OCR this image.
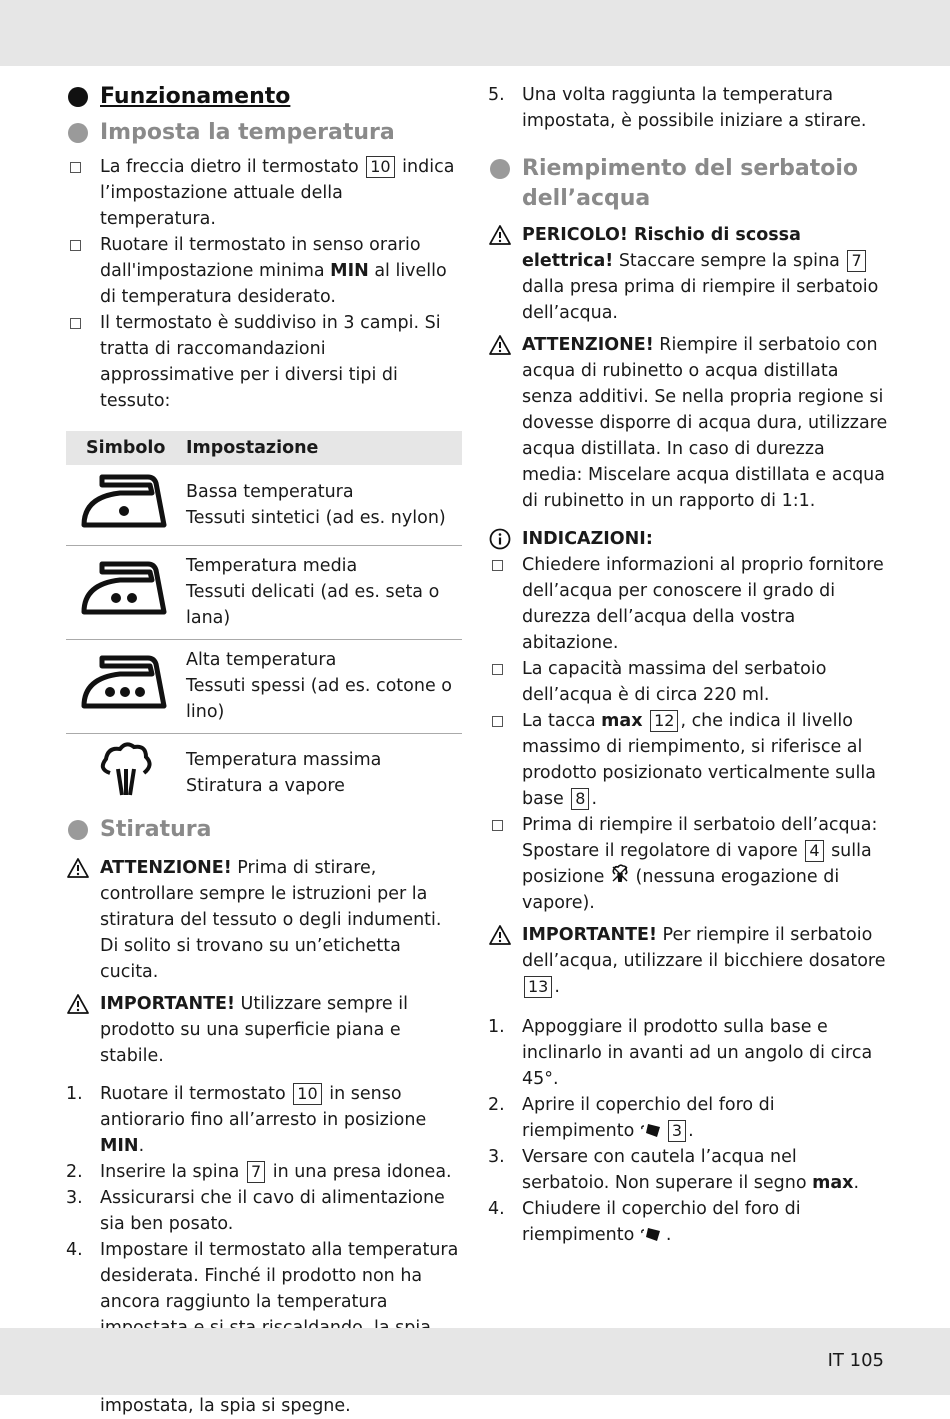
Funzionamento
Imposta la temperatura
La freccia dietro il termostato 10 indica l’impostazione attuale della temperatura.
Ruotare il termostato in senso orario dall'impostazione minima MIN al livello di temperatura desiderato.
Il termostato è suddiviso in 3 campi. Si tratta di raccomandazioni approssimative per i diversi tipi di tessuto:
Simbolo	Impostazione

Bassa temperatura
Tessuti sintetici (ad es. nylon)

Temperatura media
Tessuti delicati (ad es. seta o lana)

Alta temperatura
Tessuti spessi (ad es. cotone o lino)

Temperatura massima
Stiratura a vapore
Stiratura
ATTENZIONE! Prima di stirare, controllare sempre le istruzioni per la stiratura del tessuto o degli indumenti. Di solito si trovano su un’etichetta cucita.
IMPORTANTE! Utilizzare sempre il prodotto su una superficie piana e stabile.
1. Ruotare il termostato 10 in senso antiorario fino all’arresto in posizione MIN.
2. Inserire la spina 7 in una presa idonea.
3. Assicurarsi che il cavo di alimentazione sia ben posato.
4. Impostare il termostato alla temperatura desiderata. Finché il prodotto non ha ancora raggiunto la temperatura  impostata, la spia si spegne.
5. Una volta raggiunta la temperatura impostata, è possibile iniziare a stirare.
Riempimento del serbatoio dell’acqua
PERICOLO! Rischio di scossa elettrica! Staccare sempre la spina 7 dalla presa prima di riempire il serbatoio dell’acqua.
ATTENZIONE! Riempire il serbatoio con acqua di rubinetto o acqua distillata senza additivi. Se nella propria regione si dovesse disporre di acqua dura, utilizzare acqua distillata. In caso di durezza media: Miscelare acqua distillata e acqua di rubinetto in un rapporto di 1:1.
INDICAZIONI:
Chiedere informazioni al proprio fornitore dell’acqua per conoscere il grado di durezza dell’acqua della vostra abitazione.
La capacità massima del serbatoio dell’acqua è di circa 220 ml.
La tacca max 12 , che indica il livello massimo di riempimento, si riferisce al prodotto posizionato verticalmente sulla base 8 .
Prima di riempire il serbatoio dell’acqua: Spostare il regolatore di vapore 4 sulla posizione  (nessuna erogazione di vapore).
IMPORTANTE! Per riempire il serbatoio dell’acqua, utilizzare il bicchiere dosatore 13 .
1. Appoggiare il prodotto sulla base e inclinarlo in avanti ad un angolo di circa 45°.
2. Aprire il coperchio del foro di riempimento 3 .
3. Versare con cautela l’acqua nel serbatoio. Non superare il segno max.
4. Chiudere il coperchio del foro di riempimento .
IT 105
